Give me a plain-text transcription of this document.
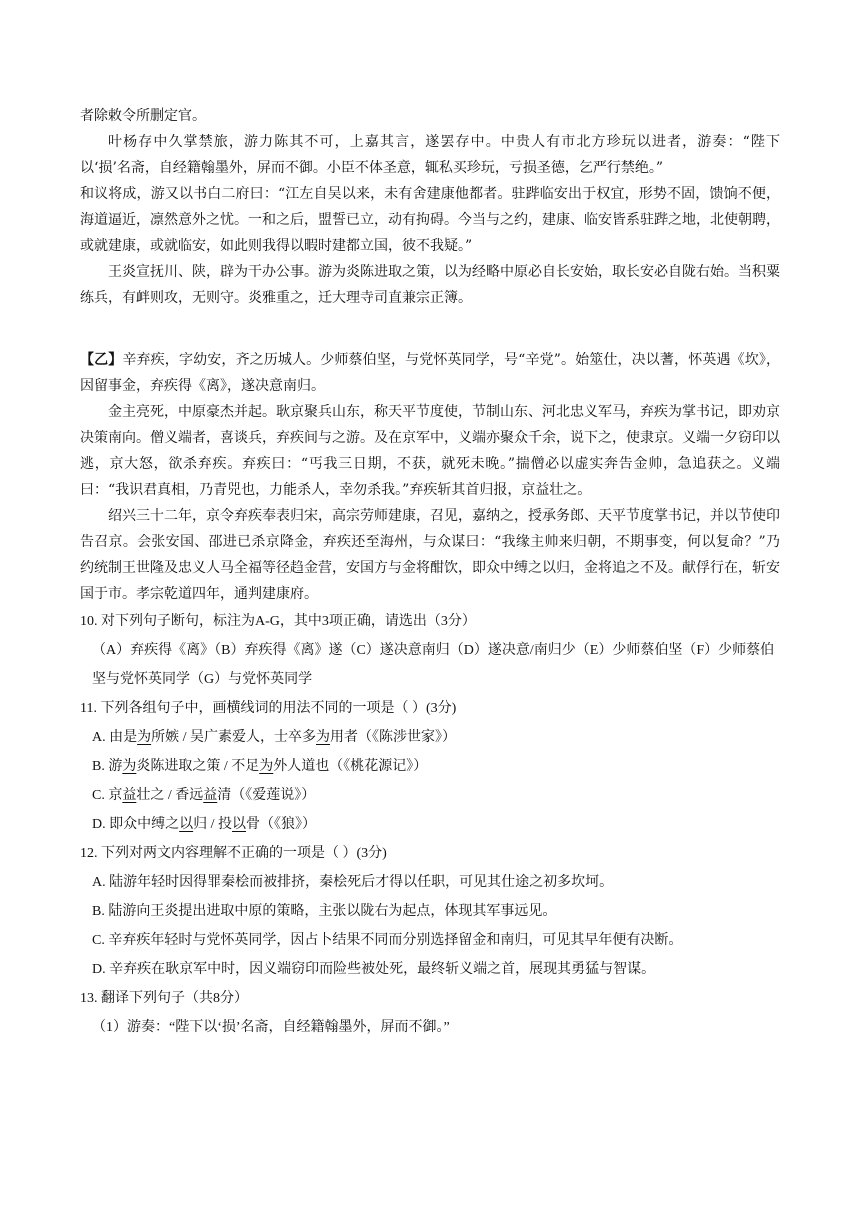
者除敕令所删定官。

叶杨存中久掌禁旅，游力陈其不可，上嘉其言，遂罢存中。中贵人有市北方珍玩以进者，游奏：“陛下以‘损’名斋，自经籍翰墨外，屏而不御。小臣不体圣意，辄私买珍玩，亏损圣德，乞严行禁绝。”

和议将成，游又以书白二府曰：“江左自吴以来，未有舍建康他都者。驻跸临安出于权宜，形势不固，馈饷不便，海道逼近，凛然意外之忧。一和之后，盟誓已立，动有拘碍。今当与之约，建康、临安皆系驻跸之地，北使朝聘，或就建康，或就临安，如此则我得以暇时建都立国，彼不我疑。”

王炎宣抚川、陕，辟为干办公事。游为炎陈进取之策，以为经略中原必自长安始，取长安必自陇右始。当积粟练兵，有衅则攻，无则守。炎雅重之，迁大理寺司直兼宗正簿。

【乙】辛弃疾，字幼安，齐之历城人。少师蔡伯坚，与党怀英同学，号“辛党”。始筮仕，决以蓍，怀英遇《坎》，因留事金，弃疾得《离》，遂决意南归。

金主亮死，中原豪杰并起。耿京聚兵山东，称天平节度使，节制山东、河北忠义军马，弃疾为掌书记，即劝京决策南向。僧义端者，喜谈兵，弃疾间与之游。及在京军中，义端亦聚众千余，说下之，使隶京。义端一夕窃印以逃，京大怒，欲杀弃疾。弃疾曰：“丐我三日期，不获，就死未晚。”揣僧必以虚实奔告金帅，急追获之。义端曰：“我识君真相，乃青兕也，力能杀人，幸勿杀我。”弃疾斩其首归报，京益壮之。

绍兴三十二年，京令弃疾奉表归宋，高宗劳师建康，召见，嘉纳之，授承务郎、天平节度掌书记，并以节使印告召京。会张安国、邵进已杀京降金，弃疾还至海州，与众谋曰：“我缘主帅来归朝，不期事变，何以复命？”乃约统制王世隆及忠义人马全福等径趋金营，安国方与金将酣饮，即众中缚之以归，金将追之不及。献俘行在，斩安国于市。孝宗乾道四年，通判建康府。

10. 对下列句子断句，标注为A-G，其中3项正确，请选出（3分）

（A）弃疾得《离》（B）弃疾得《离》遂（C）遂决意南归（D）遂决意/南归少（E）少师蔡伯坚（F）少师蔡伯坚与党怀英同学（G）与党怀英同学

11. 下列各组句子中，画横线词的用法不同的一项是（ ）(3分)

A. 由是为所嫉 / 吴广素爱人，士卒多为用者（《陈涉世家》）

B. 游为炎陈进取之策 / 不足为外人道也（《桃花源记》）

C. 京益壮之 / 香远益清（《爱莲说》）

D. 即众中缚之以归 / 投以骨（《狼》）

12. 下列对两文内容理解不正确的一项是（ ）(3分)

A. 陆游年轻时因得罪秦桧而被排挤，秦桧死后才得以任职，可见其仕途之初多坎坷。

B. 陆游向王炎提出进取中原的策略，主张以陇右为起点，体现其军事远见。

C. 辛弃疾年轻时与党怀英同学，因占卜结果不同而分别选择留金和南归，可见其早年便有决断。

D. 辛弃疾在耿京军中时，因义端窃印而险些被处死，最终斩义端之首，展现其勇猛与智谋。

13. 翻译下列句子（共8分）

（1）游奏：“陛下以‘损’名斋，自经籍翰墨外，屏而不御。”
